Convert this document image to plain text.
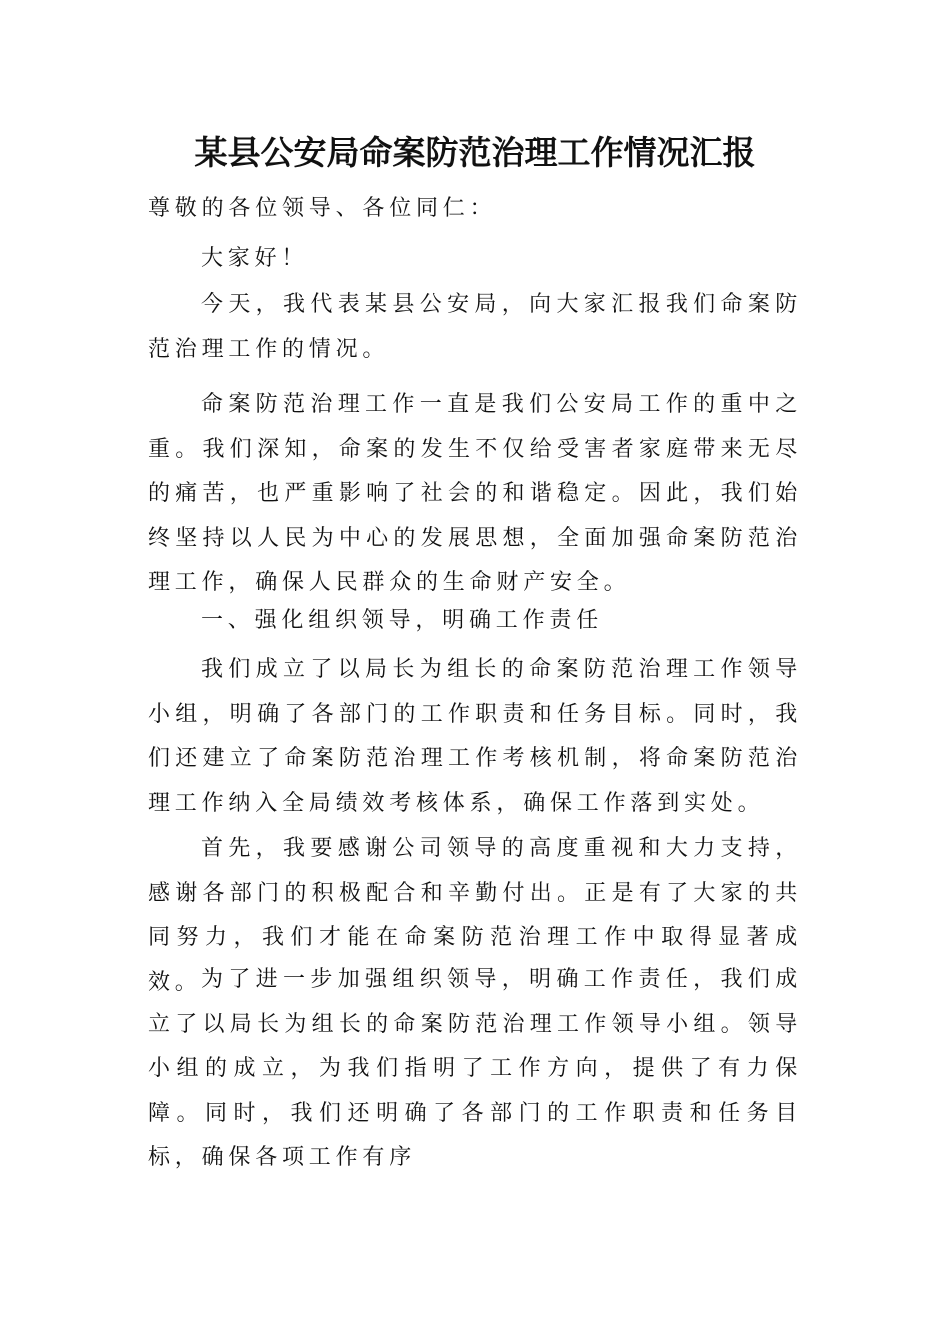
某县公安局命案防范治理工作情况汇报

尊敬的各位领导、各位同仁：

大家好！

今天，我代表某县公安局，向大家汇报我们命案防范治理工作的情况。

命案防范治理工作一直是我们公安局工作的重中之重。我们深知，命案的发生不仅给受害者家庭带来无尽的痛苦，也严重影响了社会的和谐稳定。因此，我们始终坚持以人民为中心的发展思想，全面加强命案防范治理工作，确保人民群众的生命财产安全。

一、强化组织领导，明确工作责任

我们成立了以局长为组长的命案防范治理工作领导小组，明确了各部门的工作职责和任务目标。同时，我们还建立了命案防范治理工作考核机制，将命案防范治理工作纳入全局绩效考核体系，确保工作落到实处。

首先，我要感谢公司领导的高度重视和大力支持，感谢各部门的积极配合和辛勤付出。正是有了大家的共同努力，我们才能在命案防范治理工作中取得显著成效。 为了进一步加强组织领导，明确工作责任，我们成立了以局长为组长的命案防范治理工作领导小组。领导小组的成立，为我们指明了工作方向，提供了有力保障。同时，我们还明确了各部门的工作职责和任务目标，确保各项工作有序
